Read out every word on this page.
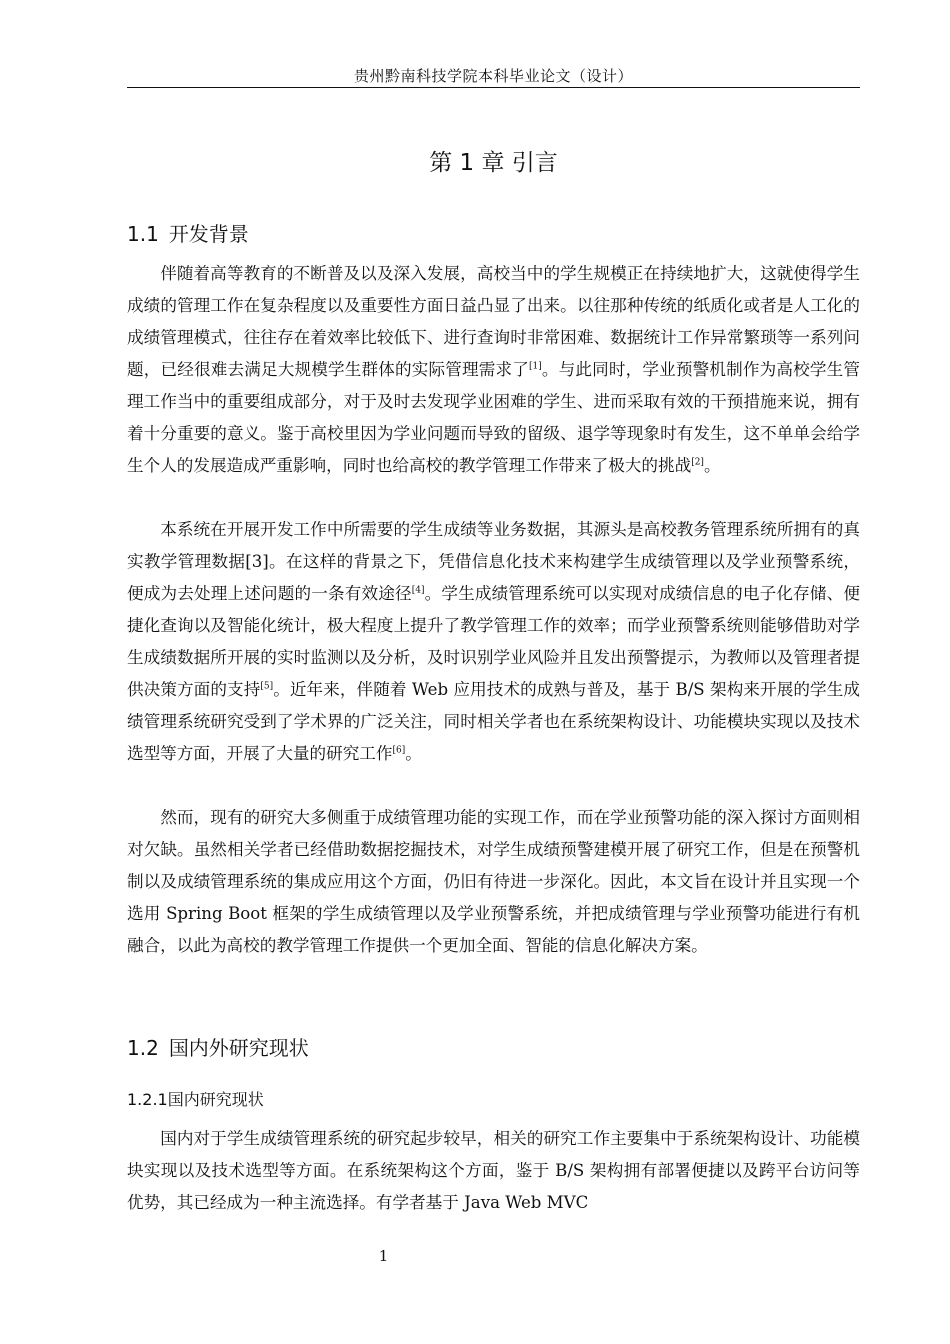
贵州黔南科技学院本科毕业论文（设计）
第 1 章 引言
1.1 开发背景

伴随着高等教育的不断普及以及深入发展，高校当中的学生规模正在持续地扩大，这就使得学生成绩的管理工作在复杂程度以及重要性方面日益凸显了出来。以往那种传统的纸质化或者是人工化的成绩管理模式，往往存在着效率比较低下、进行查询时非常困难、数据统计工作异常繁琐等一系列问题，已经很难去满足大规模学生群体的实际管理需求了[1]。与此同时，学业预警机制作为高校学生管理工作当中的重要组成部分，对于及时去发现学业困难的学生、进而采取有效的干预措施来说，拥有着十分重要的意义。鉴于高校里因为学业问题而导致的留级、退学等现象时有发生，这不单单会给学生个人的发展造成严重影响，同时也给高校的教学管理工作带来了极大的挑战[2]。

本系统在开展开发工作中所需要的学生成绩等业务数据，其源头是高校教务管理系统所拥有的真实教学管理数据[3]。在这样的背景之下，凭借信息化技术来构建学生成绩管理以及学业预警系统，便成为去处理上述问题的一条有效途径[4]。学生成绩管理系统可以实现对成绩信息的电子化存储、便捷化查询以及智能化统计，极大程度上提升了教学管理工作的效率；而学业预警系统则能够借助对学生成绩数据所开展的实时监测以及分析，及时识别学业风险并且发出预警提示，为教师以及管理者提供决策方面的支持[5]。近年来，伴随着 Web 应用技术的成熟与普及，基于 B/S 架构来开展的学生成绩管理系统研究受到了学术界的广泛关注，同时相关学者也在系统架构设计、功能模块实现以及技术选型等方面，开展了大量的研究工作[6]。

然而，现有的研究大多侧重于成绩管理功能的实现工作，而在学业预警功能的深入探讨方面则相对欠缺。虽然相关学者已经借助数据挖掘技术，对学生成绩预警建模开展了研究工作，但是在预警机制以及成绩管理系统的集成应用这个方面，仍旧有待进一步深化。因此，本文旨在设计并且实现一个选用 Spring Boot 框架的学生成绩管理以及学业预警系统，并把成绩管理与学业预警功能进行有机融合，以此为高校的教学管理工作提供一个更加全面、智能的信息化解决方案。

1.2 国内外研究现状
1.2.1国内研究现状

国内对于学生成绩管理系统的研究起步较早，相关的研究工作主要集中于系统架构设计、功能模块实现以及技术选型等方面。在系统架构这个方面，鉴于 B/S 架构拥有部署便捷以及跨平台访问等优势，其已经成为一种主流选择。有学者基于 Java Web MVC

1
